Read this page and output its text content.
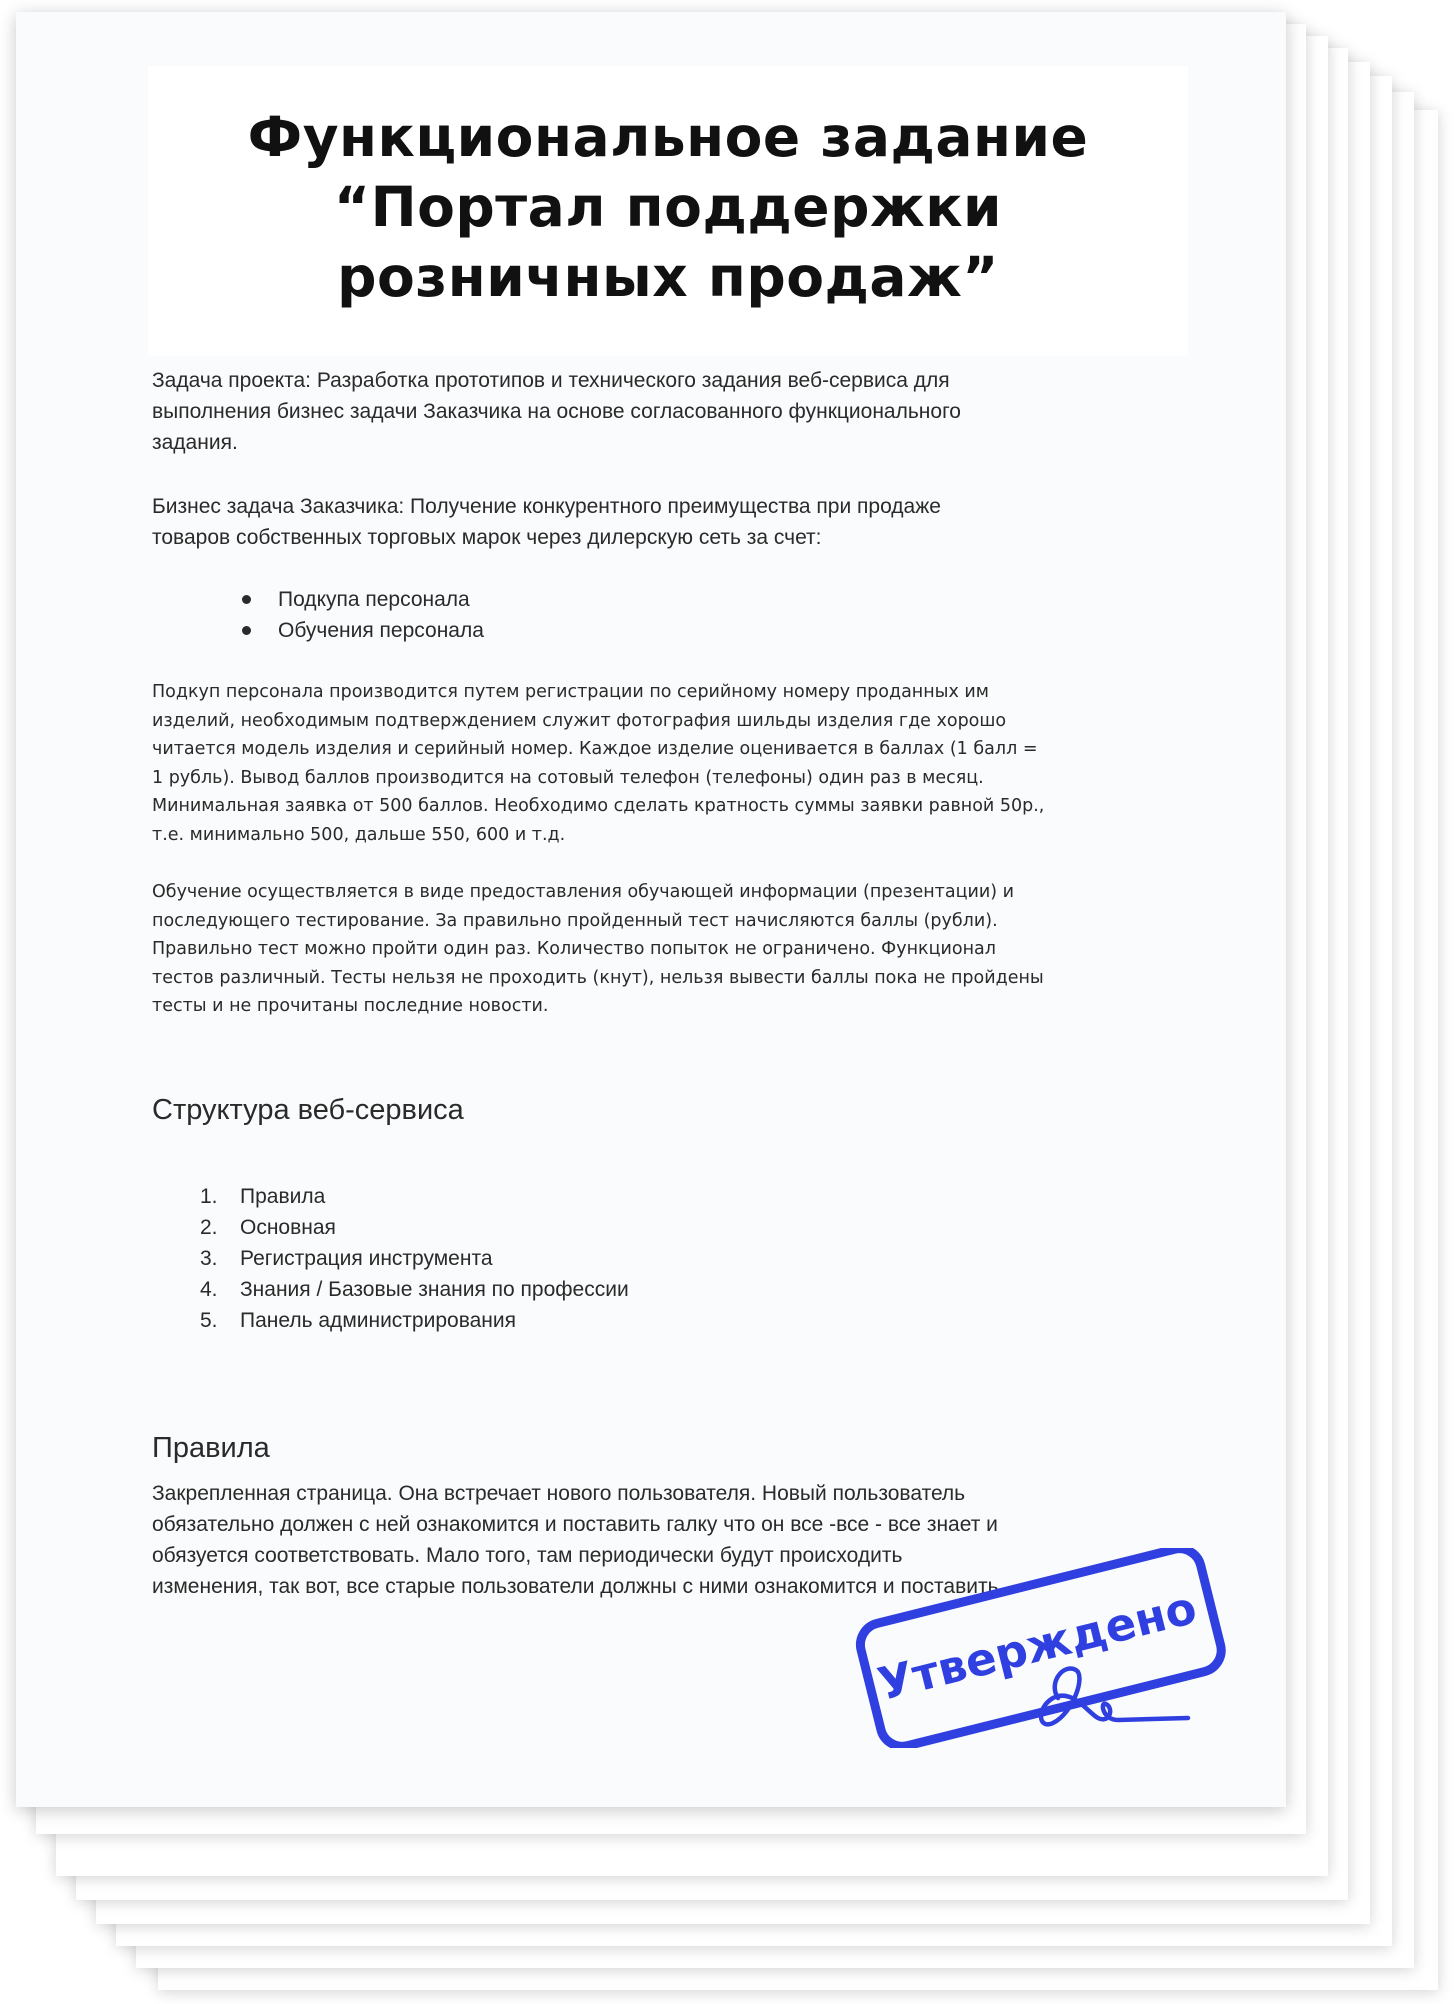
Функциональное задание
“Портал поддержки
розничных продаж”
Задача проекта: Разработка прототипов и технического задания веб-сервиса для
выполнения бизнес задачи Заказчика на основе согласованного функционального
задания.
Бизнес задача Заказчика: Получение конкурентного преимущества при продаже
товаров собственных торговых марок через дилерскую сеть за счет:
Подкупа персонала
Обучения персонала
Подкуп персонала производится путем регистрации по серийному номеру проданных им
изделий, необходимым подтверждением служит фотография шильды изделия где хорошо
читается модель изделия и серийный номер. Каждое изделие оценивается в баллах (1 балл =
1 рубль). Вывод баллов производится на сотовый телефон (телефоны) один раз в месяц.
Минимальная заявка от 500 баллов. Необходимо сделать кратность суммы заявки равной 50р.,
т.е. минимально 500, дальше 550, 600 и т.д.
Обучение осуществляется в виде предоставления обучающей информации (презентации) и
последующего тестирование. За правильно пройденный тест начисляются баллы (рубли).
Правильно тест можно пройти один раз. Количество попыток не ограничено. Функционал
тестов различный. Тесты нельзя не проходить (кнут), нельзя вывести баллы пока не пройдены
тесты и не прочитаны последние новости.
Структура веб-сервиса
1. Правила
2. Основная
3. Регистрация инструмента
4. Знания / Базовые знания по профессии
5. Панель администрирования
Правила
Закрепленная страница. Она встречает нового пользователя. Новый пользователь
обязательно должен с ней ознакомится и поставить галку что он все -все - все знает и
обязуется соответствовать. Мало того, там периодически будут происходить
изменения, так вот, все старые пользователи должны с ними ознакомится и поставить
Утверждено
